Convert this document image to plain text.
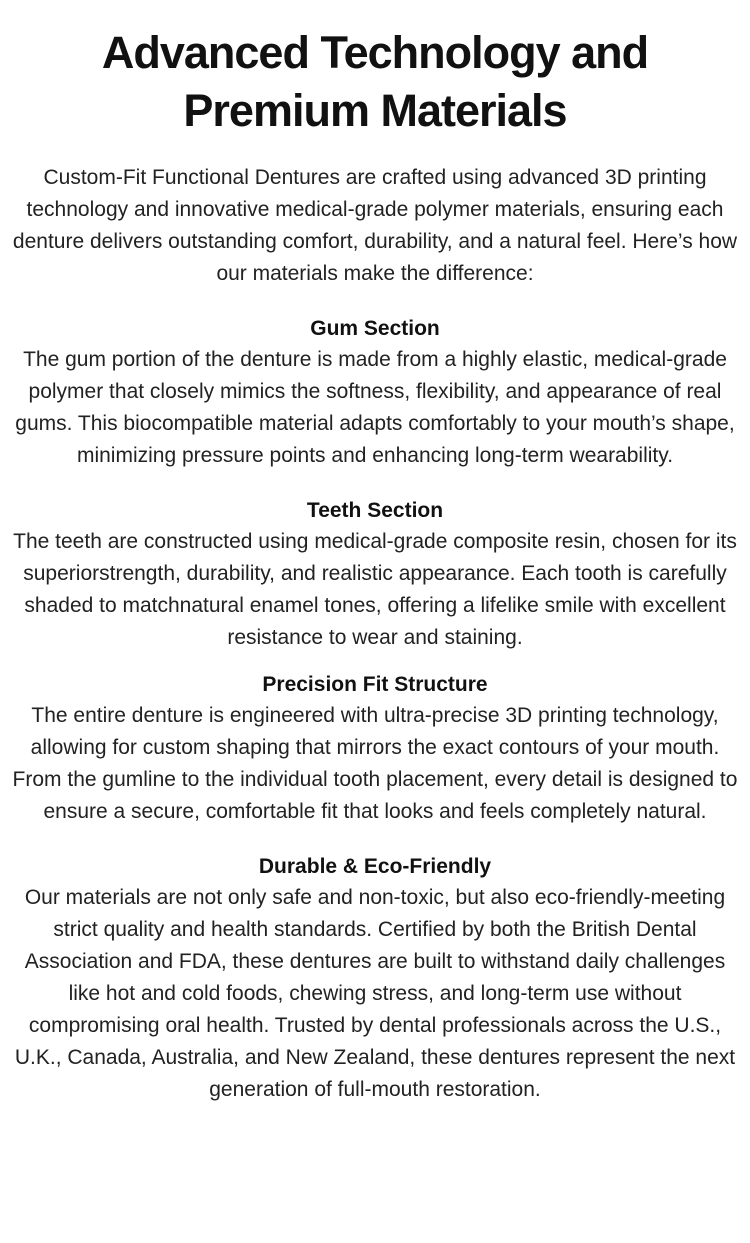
Advanced Technology and Premium Materials

Custom-Fit Functional Dentures are crafted using advanced 3D printing technology and innovative medical-grade polymer materials, ensuring each denture delivers outstanding comfort, durability, and a natural feel. Here’s how our materials make the difference:

Gum Section

The gum portion of the denture is made from a highly elastic, medical-grade polymer that closely mimics the softness, flexibility, and appearance of real gums. This biocompatible material adapts comfortably to your mouth’s shape, minimizing pressure points and enhancing long-term wearability.

Teeth Section

The teeth are constructed using medical-grade composite resin, chosen for its superiorstrength, durability, and realistic appearance. Each tooth is carefully shaded to matchnatural enamel tones, offering a lifelike smile with excellent resistance to wear and staining.

Precision Fit Structure

The entire denture is engineered with ultra-precise 3D printing technology, allowing for custom shaping that mirrors the exact contours of your mouth. From the gumline to the individual tooth placement, every detail is designed to ensure a secure, comfortable fit that looks and feels completely natural.

Durable & Eco-Friendly

Our materials are not only safe and non-toxic, but also eco-friendly-meeting strict quality and health standards. Certified by both the British Dental Association and FDA, these dentures are built to withstand daily challenges like hot and cold foods, chewing stress, and long-term use without compromising oral health. Trusted by dental professionals across the U.S., U.K., Canada, Australia, and New Zealand, these dentures represent the next generation of full-mouth restoration.
